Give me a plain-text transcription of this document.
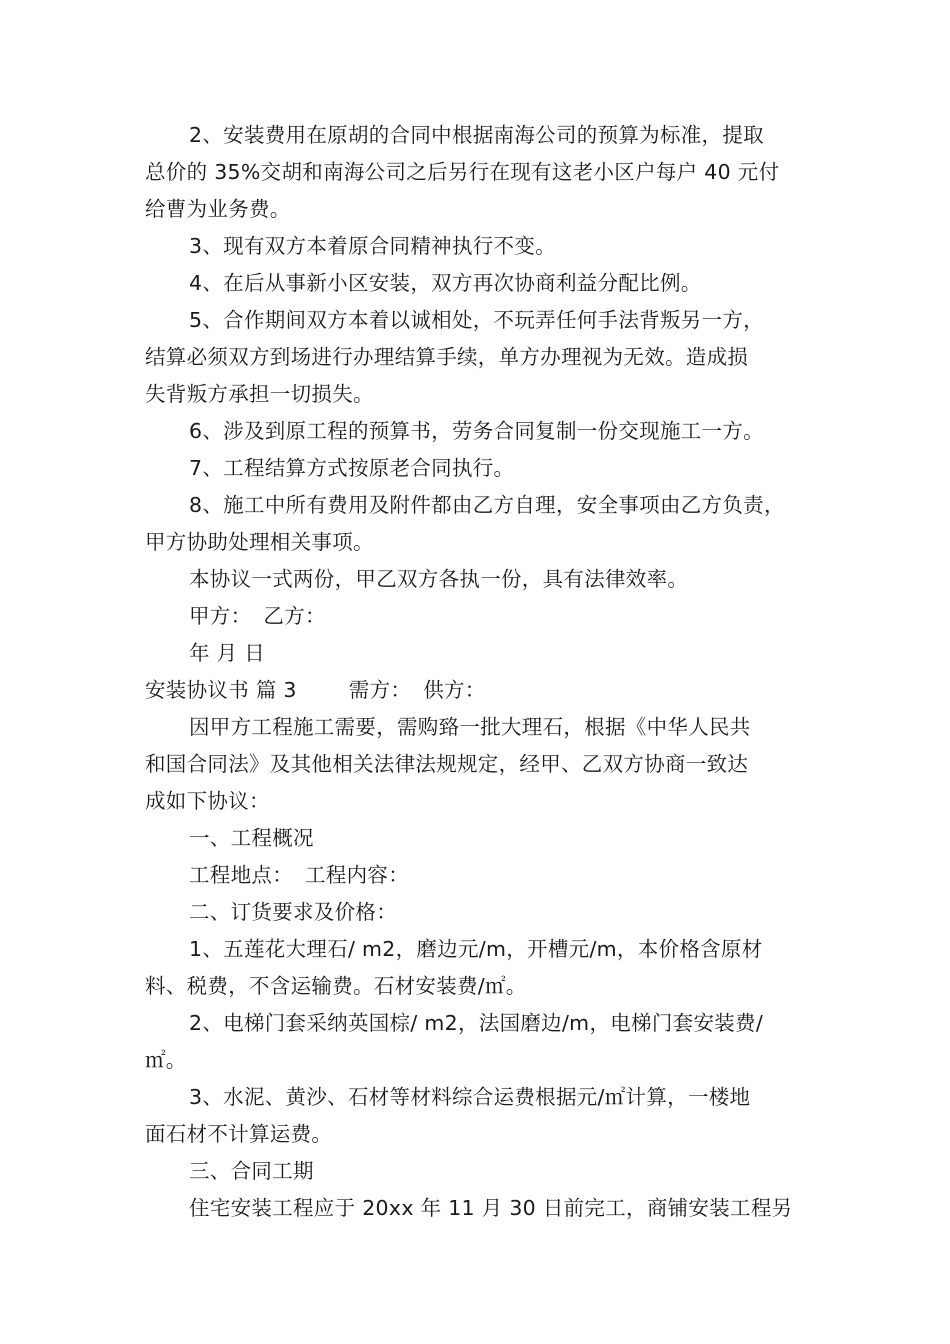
2、安装费用在原胡的合同中根据南海公司的预算为标准，提取
总价的 35%交胡和南海公司之后另行在现有这老小区户每户 40 元付
给曹为业务费。
3、现有双方本着原合同精神执行不变。
4、在后从事新小区安装，双方再次协商利益分配比例。
5、合作期间双方本着以诚相处，不玩弄任何手法背叛另一方，
结算必须双方到场进行办理结算手续，单方办理视为无效。造成损
失背叛方承担一切损失。
6、涉及到原工程的预算书，劳务合同复制一份交现施工一方。
7、工程结算方式按原老合同执行。
8、施工中所有费用及附件都由乙方自理，安全事项由乙方负责，
甲方协助处理相关事项。
本协议一式两份，甲乙双方各执一份，具有法律效率。
甲方： 乙方：
年 月 日
安装协议书 篇 3	需方： 供方：
因甲方工程施工需要，需购臵一批大理石，根据《中华人民共
和国合同法》及其他相关法律法规规定，经甲、乙双方协商一致达
成如下协议：
一、工程概况
工程地点： 工程内容：
二、订货要求及价格：
1、五莲花大理石/ m2，磨边元/m，开槽元/m，本价格含原材
料、税费，不含运输费。石材安装费/㎡。
2、电梯门套采纳英国棕/ m2，法国磨边/m，电梯门套安装费/
㎡。
3、水泥、黄沙、石材等材料综合运费根据元/㎡计算，一楼地
面石材不计算运费。
三、合同工期
住宅安装工程应于 20xx 年 11 月 30 日前完工，商铺安装工程另
